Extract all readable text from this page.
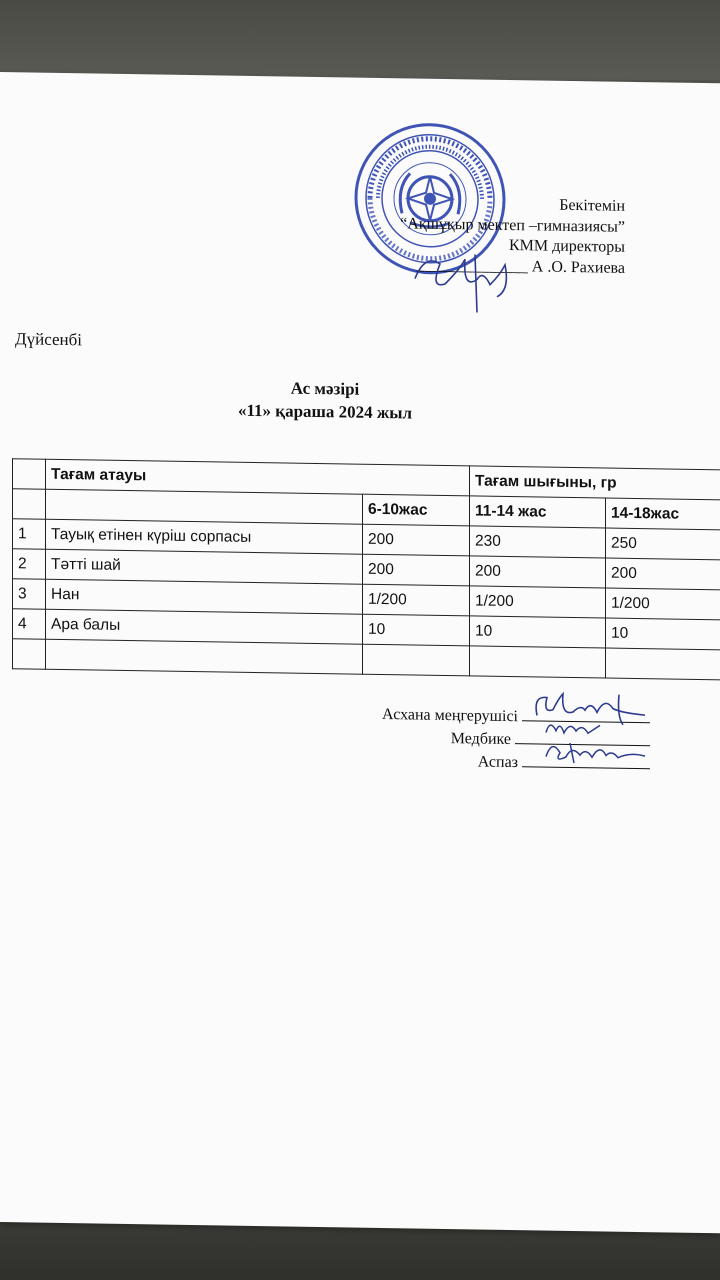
Бекітемін
“Ақшұқыр мектеп –гимназиясы”
КММ директоры
______________ А .О. Рахиева
Дүйсенбі
Ас мәзірі
«11» қараша 2024 жыл
	Тағам атауы		Тағам шығыны, гр	
		6-10жас	11-14 жас	14-18жас
1	Тауық етінен күріш сорпасы	200	230	250
2	Тәтті шай	200	200	200
3	Нан	1/200	1/200	1/200
4	Ара балы	10	10	10

Асхана меңгерушісі
Медбике
Аспаз
